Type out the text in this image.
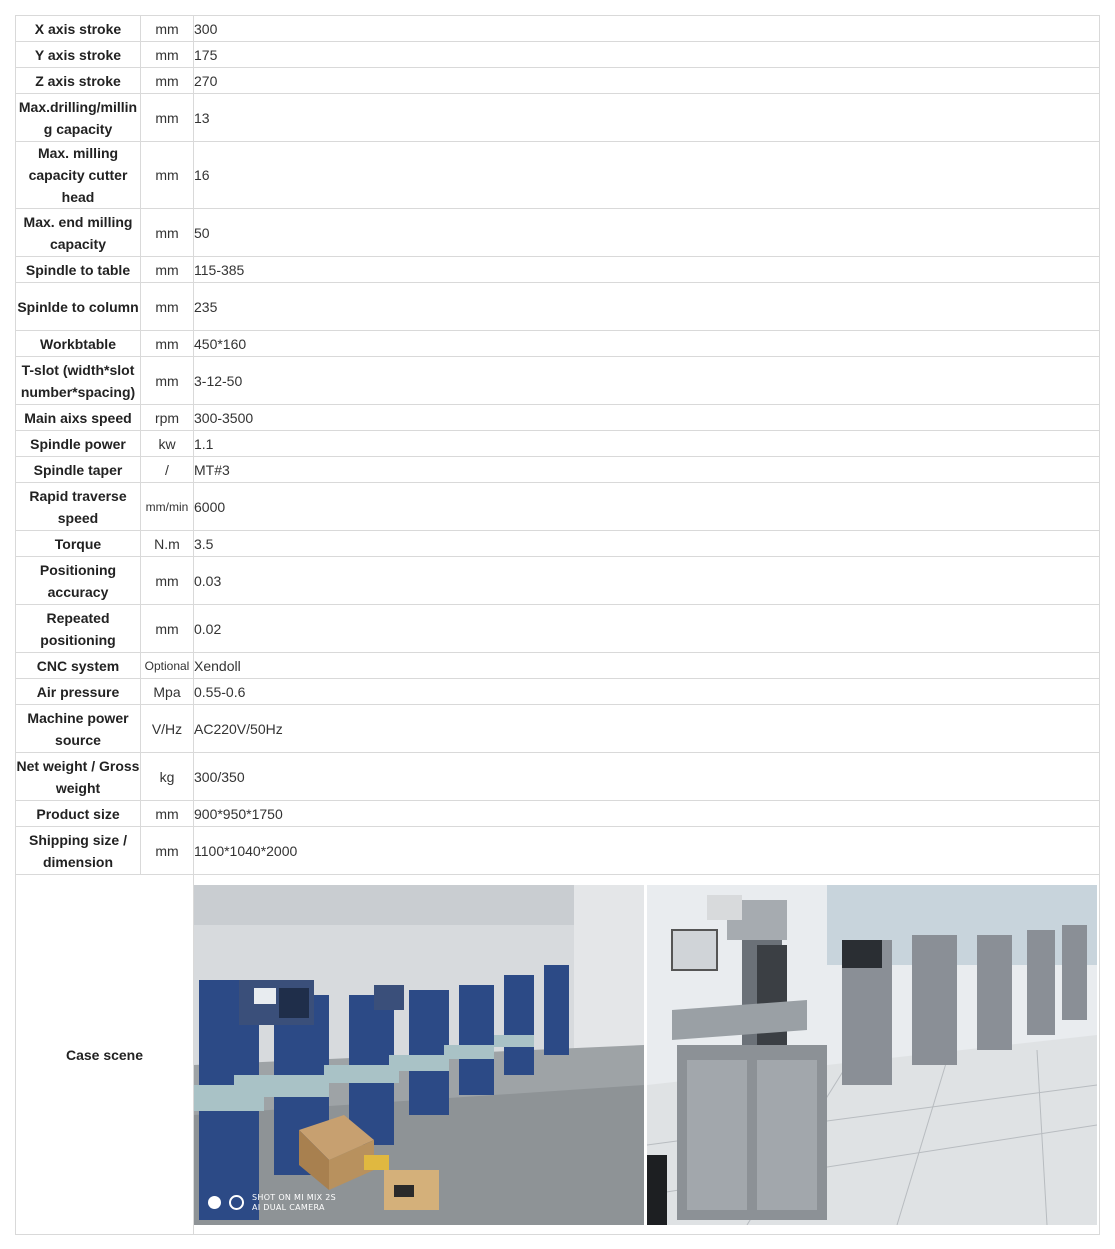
X axis stroke	mm	300
Y axis stroke	mm	175
Z axis stroke	mm	270
Max.drilling/milling capacity	mm	13
Max. milling capacity cutter head	mm	16
Max. end milling capacity	mm	50
Spindle to table	mm	115-385
Spinlde to column	mm	235
Workbtable	mm	450*160
T-slot (width*slot number*spacing)	mm	3-12-50
Main aixs speed	rpm	300-3500
Spindle power	kw	1.1
Spindle taper	/	MT#3
Rapid traverse speed	mm/min	6000
Torque	N.m	3.5
Positioning accuracy	mm	0.03
Repeated positioning	mm	0.02
CNC system	Optional	Xendoll
Air pressure	Mpa	0.55-0.6
Machine power source	V/Hz	AC220V/50Hz
Net weight / Gross weight	kg	300/350
Product size	mm	900*950*1750
Shipping size / dimension	mm	1100*1040*2000
Case scene		SHOT ON MI MIX 2S
AI DUAL CAMERA
